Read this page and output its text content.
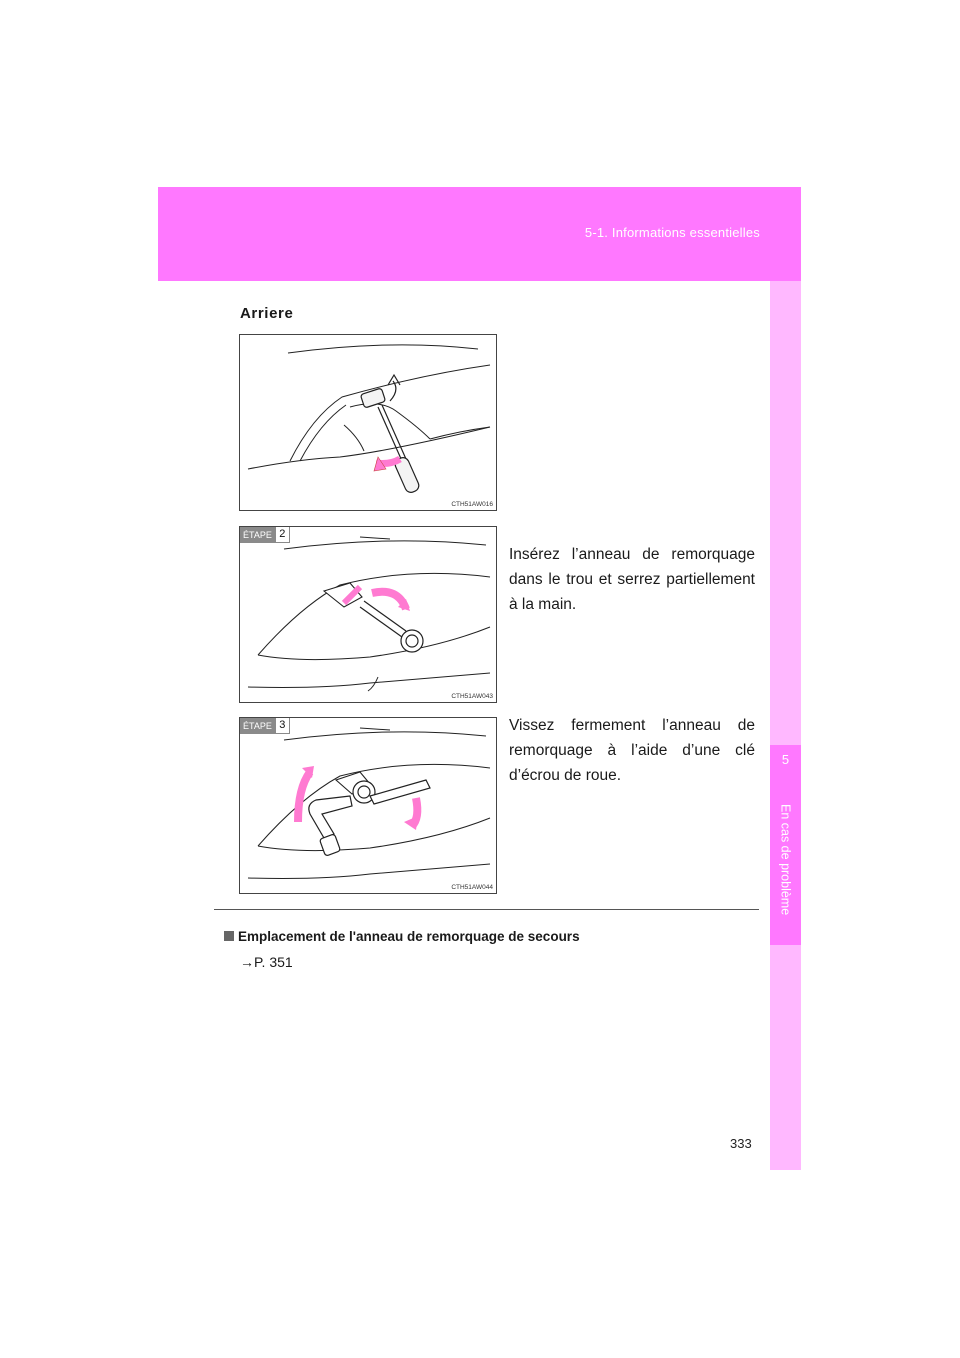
5-1. Informations essentielles
5
En cas de problème
Arriere
CTH51AW016
ÉTAPE 2
CTH51AW043
ÉTAPE 3
CTH51AW044
Insérez l’anneau de remorquage dans le trou et serrez partiellement à la main.
Vissez fermement l’anneau de remorquage à l’aide d’une clé d’écrou de roue.
Emplacement de l'anneau de remorquage de secours
→P. 351
333
